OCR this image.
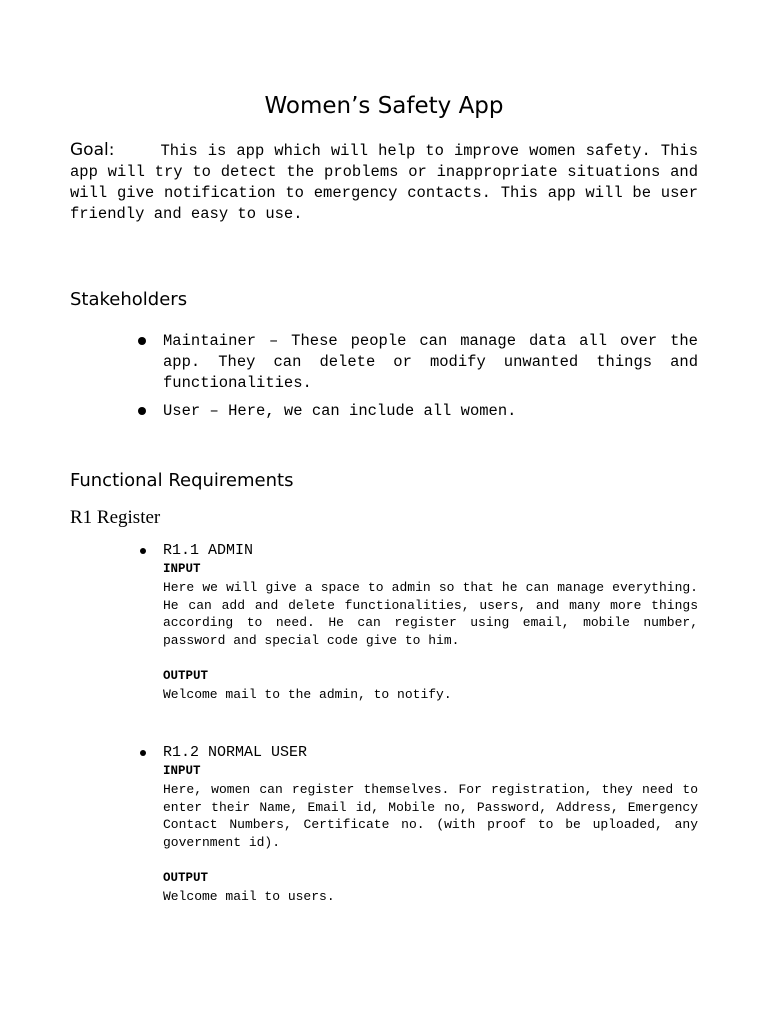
Women’s Safety App
Goal:	This is app which will help to improve women safety. This app will try to detect the problems or inappropriate situations and will give notification to emergency contacts. This app will be user friendly and easy to use.
Stakeholders
Maintainer – These people can manage data all over the app. They can delete or modify unwanted things and functionalities.
User – Here, we can include all women.
Functional Requirements
R1 Register
R1.1 ADMIN
INPUT
Here we will give a space to admin so that he can manage everything. He can add and delete functionalities, users, and many more things according to need. He can register using email, mobile number, password and special code give to him.
OUTPUT
Welcome mail to the admin, to notify.
R1.2 NORMAL USER
INPUT
Here, women can register themselves. For registration, they need to enter their Name, Email id, Mobile no, Password, Address, Emergency Contact Numbers, Certificate no. (with proof to be uploaded, any government id).
OUTPUT
Welcome mail to users.
